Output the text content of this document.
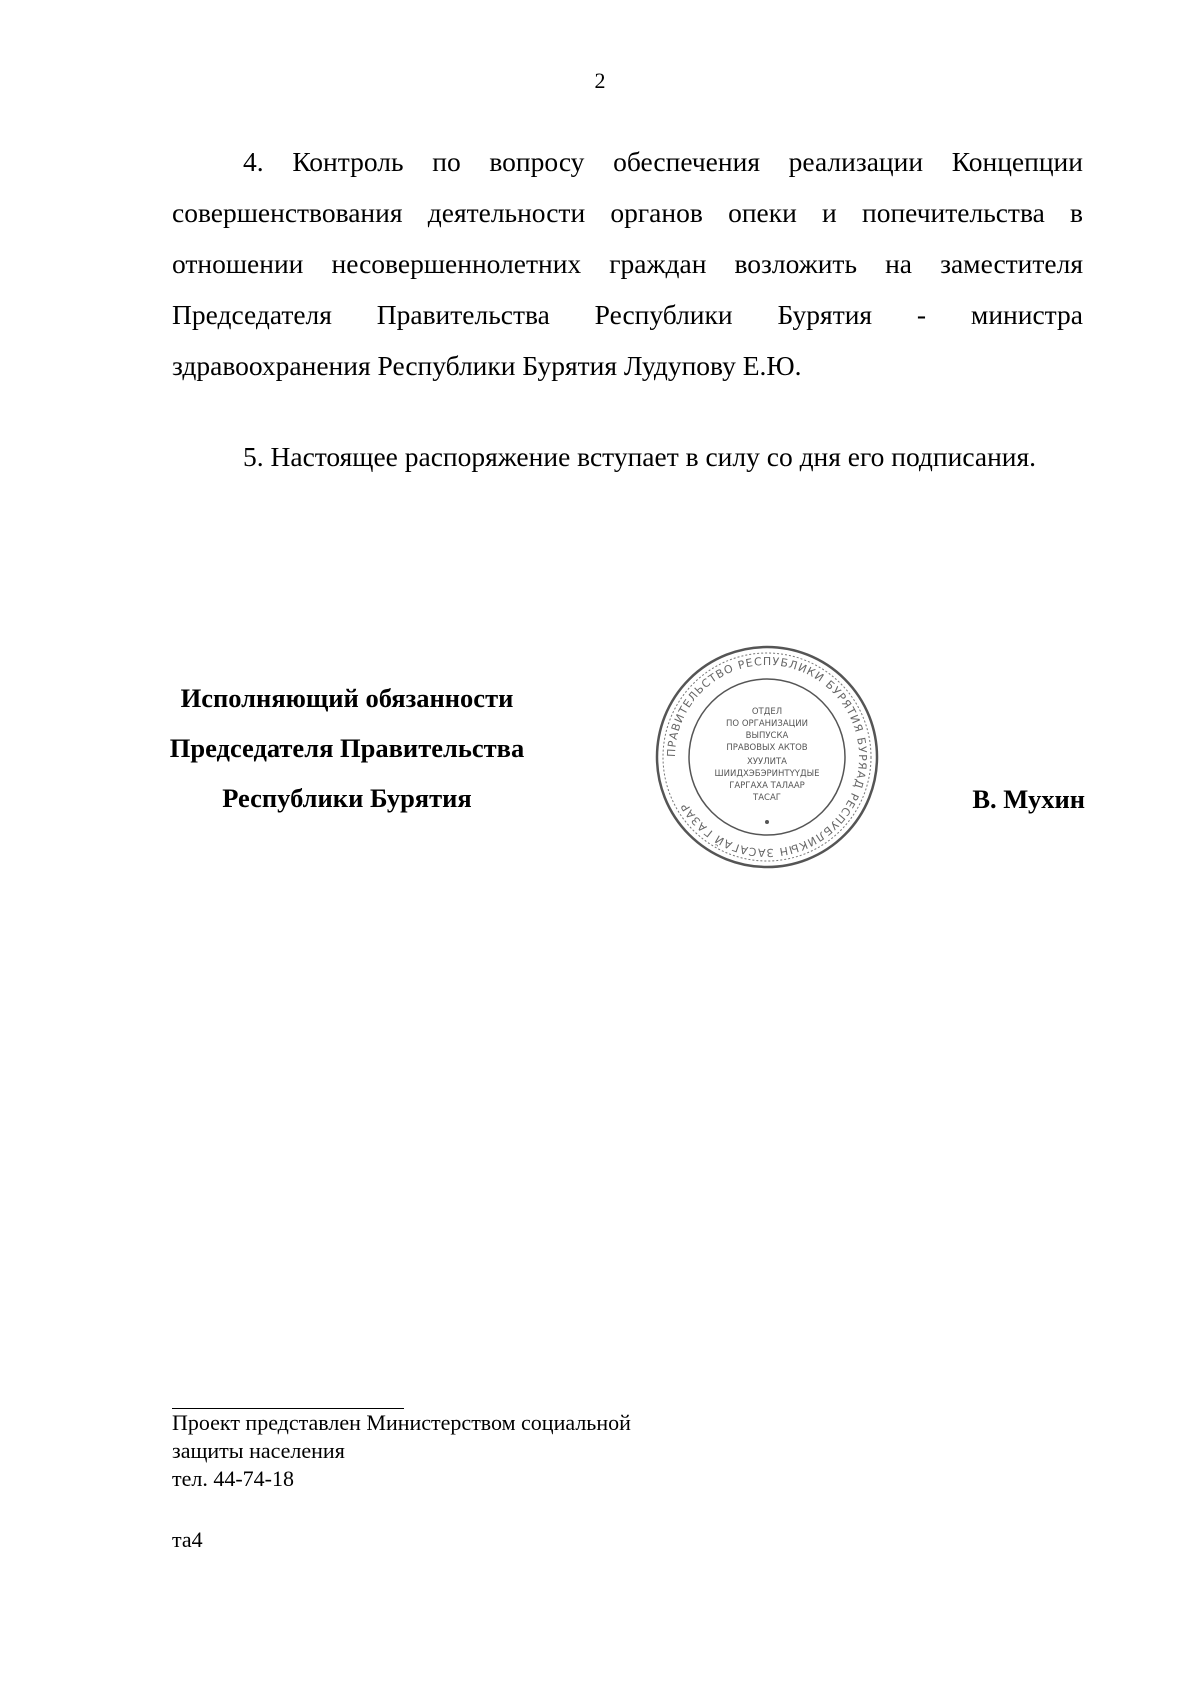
2

4. Контроль по вопросу обеспечения реализации Концепции совершенствования деятельности органов опеки и попечительства в отношении несовершеннолетних граждан возложить на заместителя Председателя Правительства Республики Бурятия - министра здравоохранения Республики Бурятия Лудупову Е.Ю.

5. Настоящее распоряжение вступает в силу со дня его подписания.

Исполняющий обязанности
Председателя Правительства
Республики Бурятия
ПРАВИТЕЛЬСТВО РЕСПУБЛИКИ БУРЯТИЯ БУРЯАД РЕСПУБЛИКЫН ЗАСАГАЙ ГАЗАР
ОТДЕЛ
ПО ОРГАНИЗАЦИИ
ВЫПУСКА
ПРАВОВЫХ АКТОВ
ХУУЛИТА
ШИИДХЭБЭРИНТҮҮДЫЕ
ГАРГАХА ТАЛААР
ТАСАГ	В. Мухин
Проект представлен Министерством социальной
защиты населения
тел. 44-74-18
та4
